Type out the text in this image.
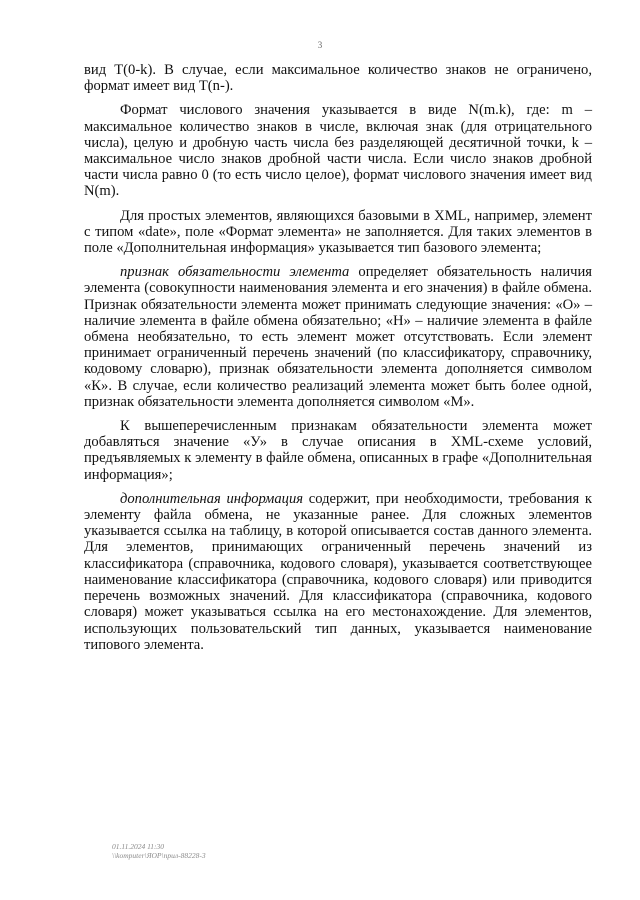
3

вид T(0-k). В случае, если максимальное количество знаков не ограничено, формат имеет вид T(n-).

Формат числового значения указывается в виде N(m.k), где: m – максимальное количество знаков в числе, включая знак (для отрицательного числа), целую и дробную часть числа без разделяющей десятичной точки, k – максимальное число знаков дробной части числа. Если число знаков дробной части числа равно 0 (то есть число целое), формат числового значения имеет вид N(m).

Для простых элементов, являющихся базовыми в XML, например, элемент с типом «date», поле «Формат элемента» не заполняется. Для таких элементов в поле «Дополнительная информация» указывается тип базового элемента;

признак обязательности элемента определяет обязательность наличия элемента (совокупности наименования элемента и его значения) в файле обмена. Признак обязательности элемента может принимать следующие значения: «О» – наличие элемента в файле обмена обязательно; «Н» – наличие элемента в файле обмена необязательно, то есть элемент может отсутствовать. Если элемент принимает ограниченный перечень значений (по классификатору, справочнику, кодовому словарю), признак обязательности элемента дополняется символом «К». В случае, если количество реализаций элемента может быть более одной, признак обязательности элемента дополняется символом «М».

К вышеперечисленным признакам обязательности элемента может добавляться значение «У» в случае описания в XML-схеме условий, предъявляемых к элементу в файле обмена, описанных в графе «Дополнительная информация»;

дополнительная информация содержит, при необходимости, требования к элементу файла обмена, не указанные ранее. Для сложных элементов указывается ссылка на таблицу, в которой описывается состав данного элемента. Для элементов, принимающих ограниченный перечень значений из классификатора (справочника, кодового словаря), указывается соответствующее наименование классификатора (справочника, кодового словаря) или приводится перечень возможных значений. Для классификатора (справочника, кодового словаря) может указываться ссылка на его местонахождение. Для элементов, использующих пользовательский тип данных, указывается наименование типового элемента.

01.11.2024 11:30
\\komputer\ЯОР\прил-88228-3
